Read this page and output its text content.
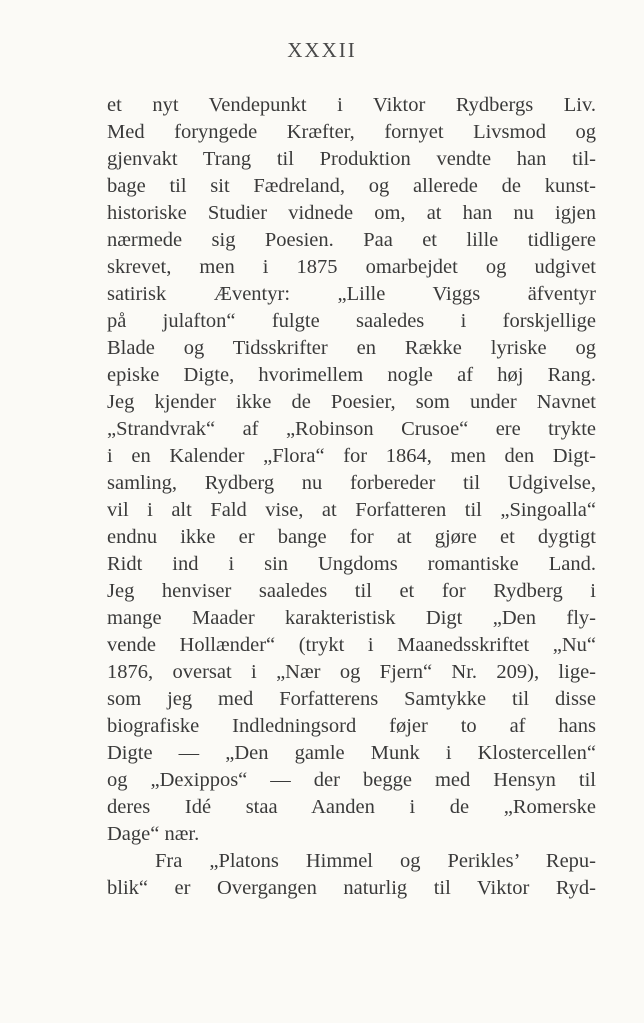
XXXII
et nyt Vendepunkt i Viktor Rydbergs Liv.
Med foryngede Kræfter, fornyet Livsmod og
gjenvakt Trang til Produktion vendte han til-
bage til sit Fædreland, og allerede de kunst-
historiske Studier vidnede om, at han nu igjen
nærmede sig Poesien. Paa et lille tidligere
skrevet, men i 1875 omarbejdet og udgivet
satirisk Æventyr: „Lille Viggs äfventyr
på julafton“ fulgte saaledes i forskjellige
Blade og Tidsskrifter en Række lyriske og
episke Digte, hvorimellem nogle af høj Rang.
Jeg kjender ikke de Poesier, som under Navnet
„Strandvrak“ af „Robinson Crusoe“ ere trykte
i en Kalender „Flora“ for 1864, men den Digt-
samling, Rydberg nu forbereder til Udgivelse,
vil i alt Fald vise, at Forfatteren til „Singoalla“
endnu ikke er bange for at gjøre et dygtigt
Ridt ind i sin Ungdoms romantiske Land.
Jeg henviser saaledes til et for Rydberg i
mange Maader karakteristisk Digt „Den fly-
vende Hollænder“ (trykt i Maanedsskriftet „Nu“
1876, oversat i „Nær og Fjern“ Nr. 209), lige-
som jeg med Forfatterens Samtykke til disse
biografiske Indledningsord føjer to af hans
Digte — „Den gamle Munk i Klostercellen“
og „Dexippos“ — der begge med Hensyn til
deres Idé staa Aanden i de „Romerske
Dage“ nær.
Fra „Platons Himmel og Perikles’ Repu-
blik“ er Overgangen naturlig til Viktor Ryd-
